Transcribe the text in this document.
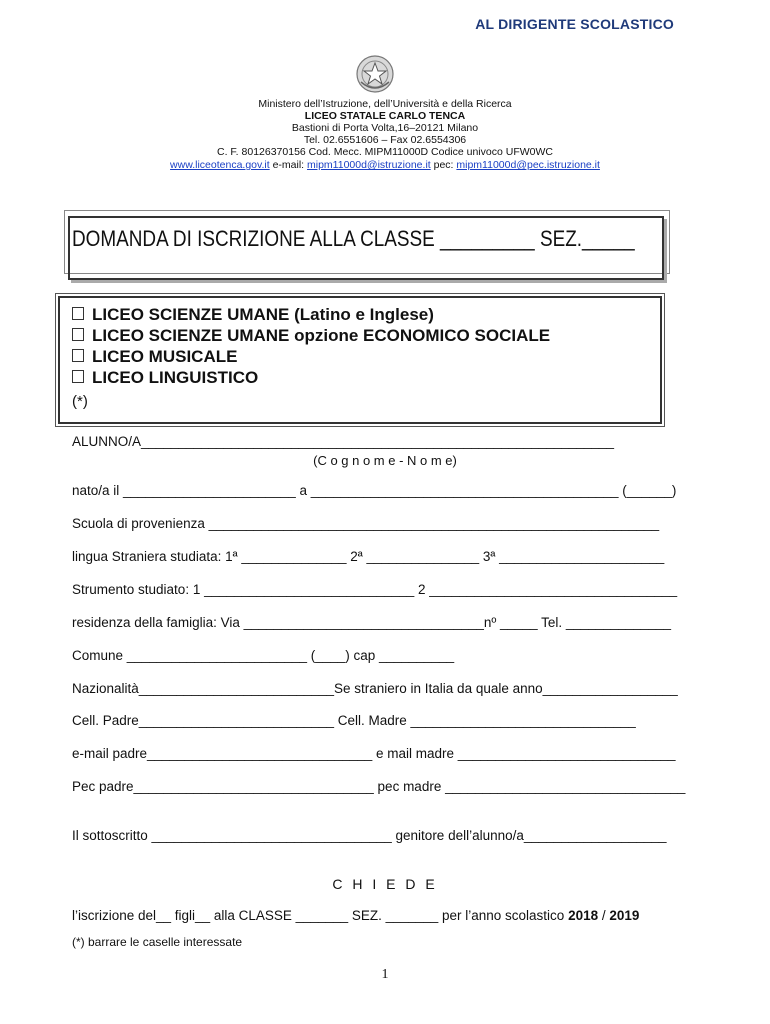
AL DIRIGENTE SCOLASTICO
Ministero dell’Istruzione, dell’Università e della Ricerca
LICEO STATALE CARLO TENCA
Bastioni di Porta Volta,16–20121 Milano
Tel. 02.6551606 – Fax 02.6554306
C. F. 80126370156 Cod. Mecc. MIPM11000D Codice univoco UFW0WC
www.liceotenca.gov.it e-mail: mipm11000d@istruzione.it pec: mipm11000d@pec.istruzione.it
DOMANDA DI ISCRIZIONE ALLA CLASSE _________ SEZ._____
LICEO SCIENZE UMANE (Latino e Inglese)
LICEO SCIENZE UMANE opzione ECONOMICO SOCIALE
LICEO MUSICALE
LICEO LINGUISTICO
(*)
ALUNNO/A_______________________________________________________________
(C o g n o m e - N o m e)
nato/a il _______________________ a _________________________________________ (______)
Scuola di provenienza ____________________________________________________________
lingua Straniera studiata: 1ª ______________ 2ª _______________ 3ª ______________________
Strumento studiato: 1 ____________________________ 2 _________________________________
residenza della famiglia: Via ________________________________nº _____ Tel. ______________
Comune ________________________ (____) cap __________
Nazionalità__________________________Se straniero in Italia da quale anno__________________
Cell. Padre__________________________ Cell. Madre ______________________________
e-mail padre______________________________ e mail madre _____________________________
Pec padre________________________________ pec madre ________________________________
Il sottoscritto ________________________________ genitore dell’alunno/a___________________
C H I E D E
l’iscrizione del__ figli__ alla CLASSE _______ SEZ. _______ per l’anno scolastico 2018 / 2019
(*) barrare le caselle interessate
1
